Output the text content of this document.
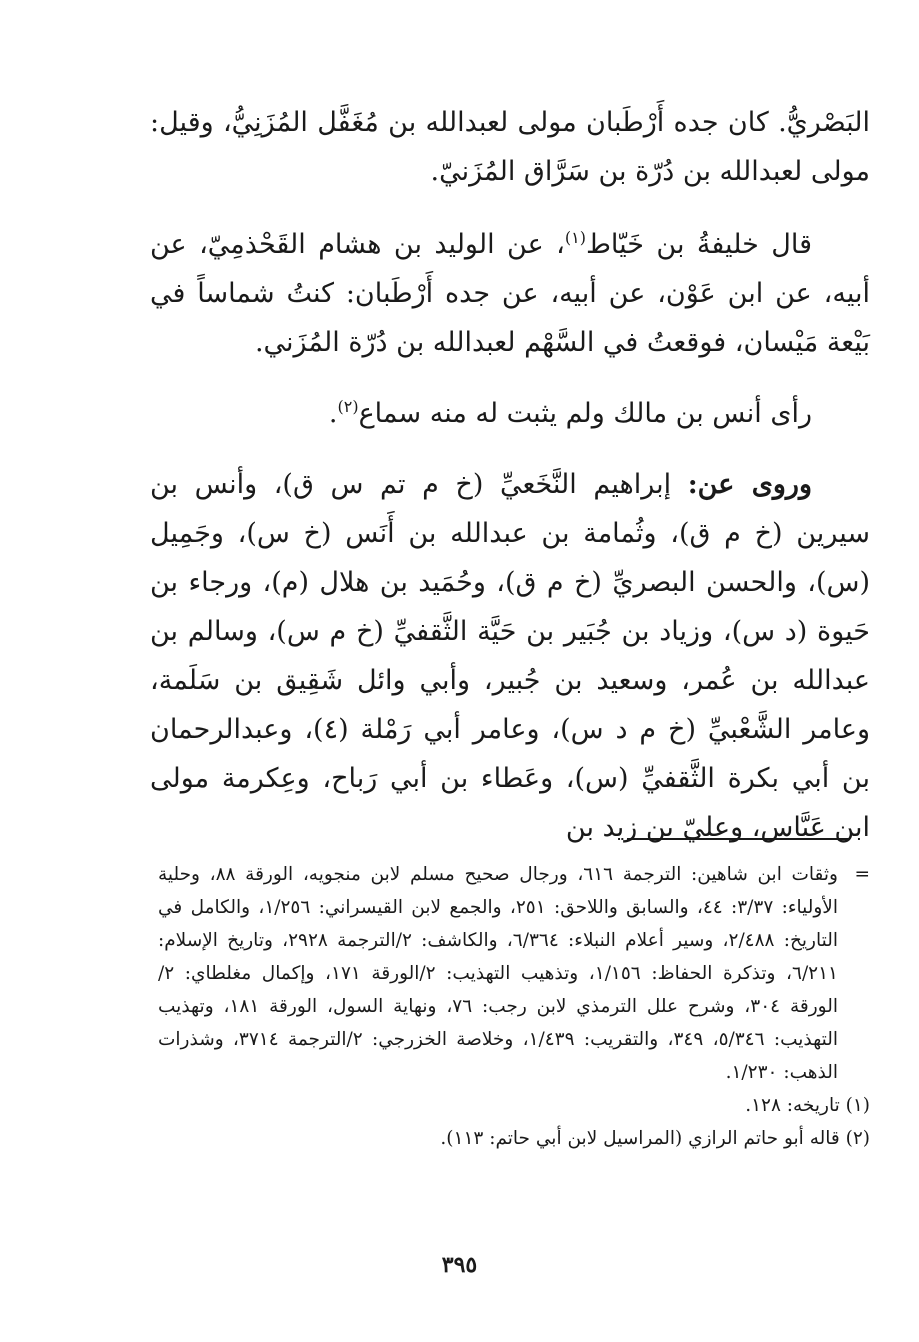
البَصْريُّ. كان جده أَرْطَبان مولى لعبدالله بن مُغَفَّل المُزَنِيُّ، وقيل: مولى لعبدالله بن دُرّة بن سَرَّاق المُزَنيّ.

قال خليفةُ بن خَيّاط$^{(١)}$، عن الوليد بن هشام القَحْذمِيّ، عن أبيه، عن ابن عَوْن، عن أبيه، عن جده أَرْطَبان: كنتُ شماساً في بَيْعة مَيْسان، فوقعتُ في السَّهْم لعبدالله بن دُرّة المُزَني.

رأى أنس بن مالك ولم يثبت له منه سماع$^{(٢)}$.

وروى عن: إبراهيم النَّخَعيِّ (خ م تم س ق)، وأنس بن سيرين (خ م ق)، وثُمامة بن عبدالله بن أَنَس (خ س)، وجَمِيل (س)، والحسن البصريِّ (خ م ق)، وحُمَيد بن هلال (م)، ورجاء بن حَيوة (د س)، وزياد بن جُبَير بن حَيَّة الثَّقفيِّ (خ م س)، وسالم بن عبدالله بن عُمر، وسعيد بن جُبير، وأبي وائل شَقِيق بن سَلَمة، وعامر الشَّعْبيِّ (خ م د س)، وعامر أبي رَمْلة (٤)، وعبدالرحمان بن أبي بكرة الثَّقفيِّ (س)، وعَطاء بن أبي رَباح، وعِكرمة مولى ابن عَبَّاس، وعليّ بن زيد بن

=
وثقات ابن شاهين: الترجمة ٦١٦، ورجال صحيح مسلم لابن منجويه، الورقة ٨٨، وحلية الأولياء: ٣/٣٧: ٤٤، والسابق واللاحق: ٢٥١، والجمع لابن القيسراني: ١/٢٥٦، والكامل في التاريخ: ٢/٤٨٨، وسير أعلام النبلاء: ٦/٣٦٤، والكاشف: ٢/الترجمة ٢٩٢٨، وتاريخ الإسلام: ٦/٢١١، وتذكرة الحفاظ: ١/١٥٦، وتذهيب التهذيب: ٢/الورقة ١٧١، وإكمال مغلطاي: ٢/الورقة ٣٠٤، وشرح علل الترمذي لابن رجب: ٧٦، ونهاية السول، الورقة ١٨١، وتهذيب التهذيب: ٥/٣٤٦، ٣٤٩، والتقريب: ١/٤٣٩، وخلاصة الخزرجي: ٢/الترجمة ٣٧١٤، وشذرات الذهب: ١/٢٣٠.

(١) تاريخه: ١٢٨.

(٢) قاله أبو حاتم الرازي (المراسيل لابن أبي حاتم: ١١٣).

٣٩٥
